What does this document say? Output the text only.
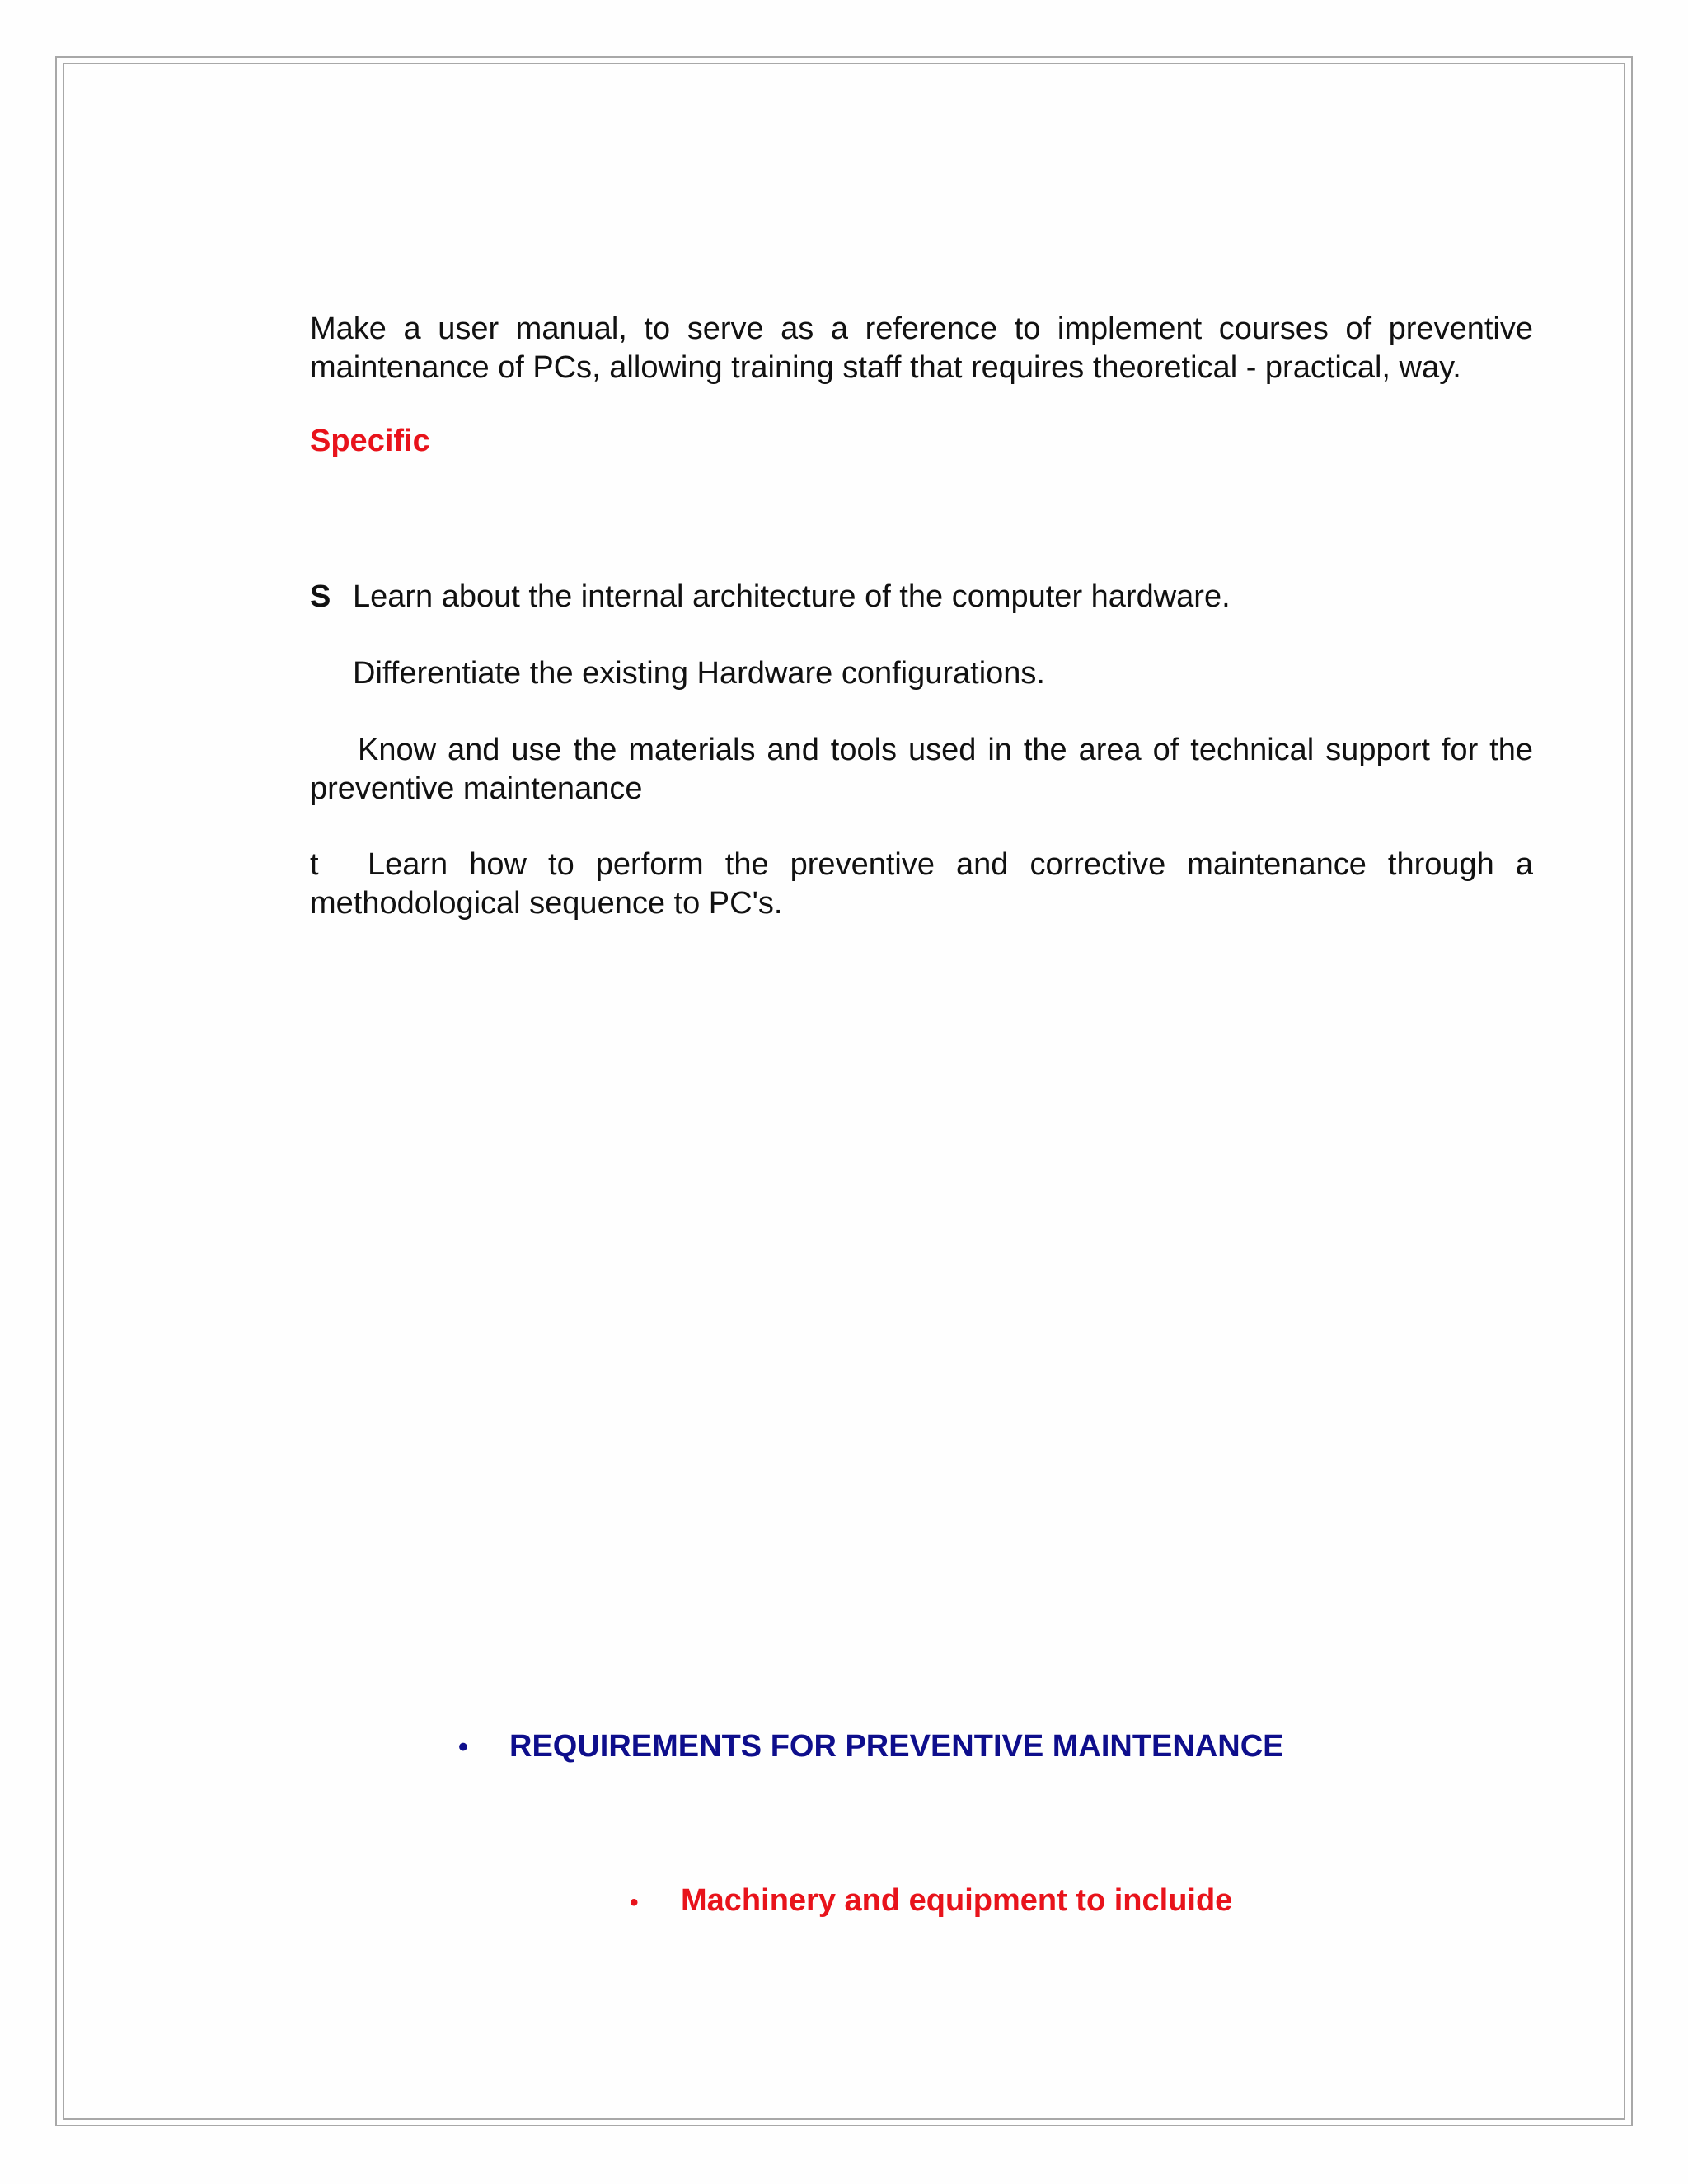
Make a user manual, to serve as a reference to implement courses of preventive maintenance of PCs, allowing training staff that requires theoretical - practical, way.

Specific

S Learn about the internal architecture of the computer hardware.

Differentiate the existing Hardware configurations.

Know and use the materials and tools used in the area of technical support for the preventive maintenance

t Learn how to perform the preventive and corrective maintenance through a methodological sequence to PC's.

• REQUIREMENTS FOR PREVENTIVE MAINTENANCE

• Machinery and equipment to incluide
